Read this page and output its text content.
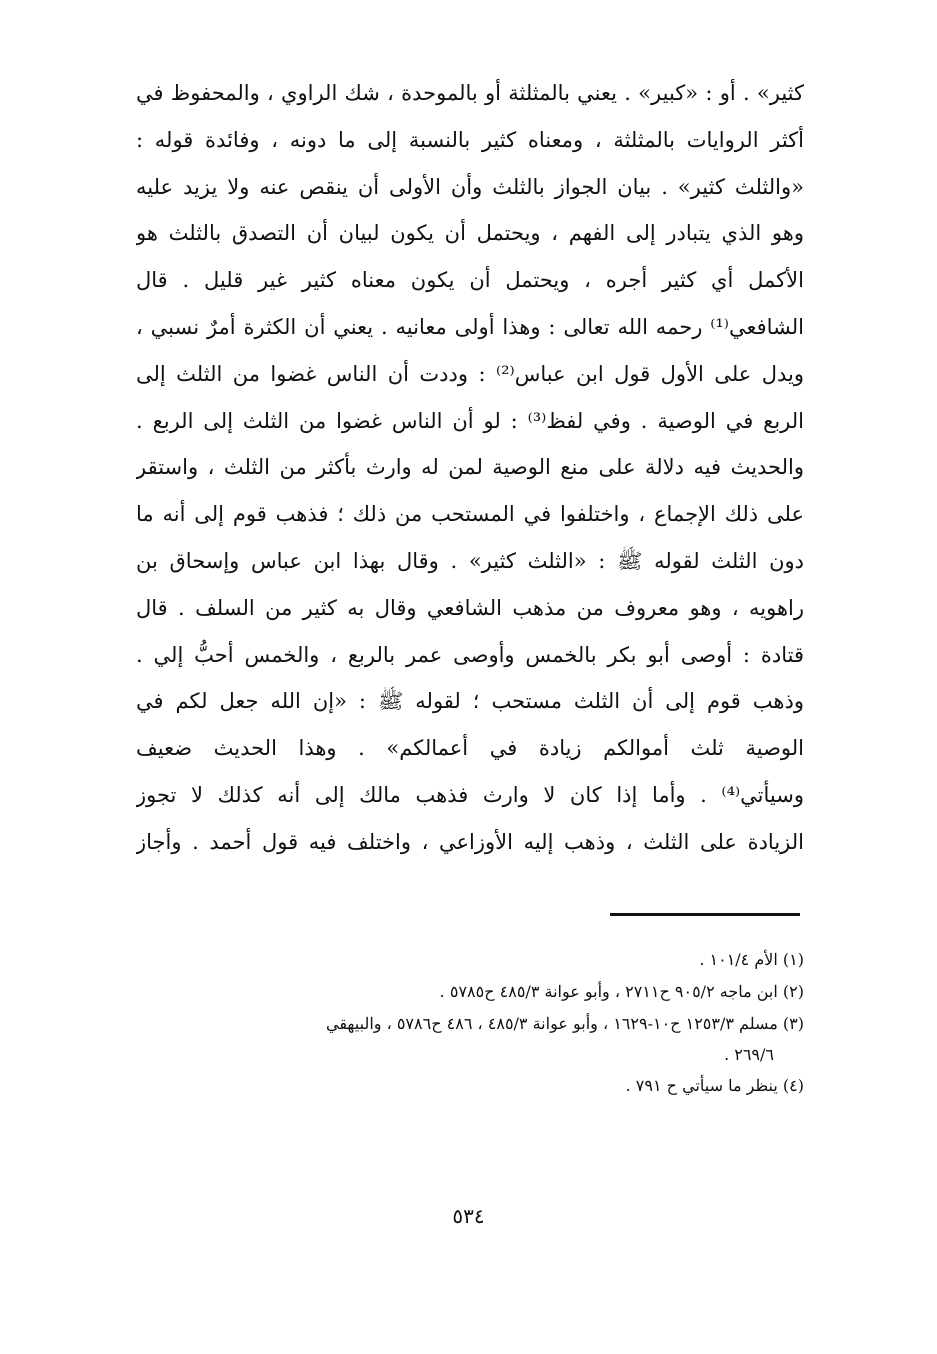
كثير» . أو : «كبير» . يعني بالمثلثة أو بالموحدة ، شك الراوي ، والمحفوظ في
أكثر الروايات بالمثلثة ، ومعناه كثير بالنسبة إلى ما دونه ، وفائدة قوله :
«والثلث كثير» . بيان الجواز بالثلث وأن الأولى أن ينقص عنه ولا يزيد عليه
وهو الذي يتبادر إلى الفهم ، ويحتمل أن يكون لبيان أن التصدق بالثلث هو
الأكمل أي كثير أجره ، ويحتمل أن يكون معناه كثير غير قليل . قال
الشافعي⁽¹⁾ رحمه الله تعالى : وهذا أولى معانيه . يعني أن الكثرة أمرٌ نسبي ،
ويدل على الأول قول ابن عباس⁽²⁾ : وددت أن الناس غضوا من الثلث إلى
الربع في الوصية . وفي لفظ⁽³⁾ : لو أن الناس غضوا من الثلث إلى الربع .
والحديث فيه دلالة على منع الوصية لمن له وارث بأكثر من الثلث ، واستقر
على ذلك الإجماع ، واختلفوا في المستحب من ذلك ؛ فذهب قوم إلى أنه ما
دون الثلث لقوله ﷺ : «الثلث كثير» . وقال بهذا ابن عباس وإسحاق بن
راهويه ، وهو معروف من مذهب الشافعي وقال به كثير من السلف . قال
قتادة : أوصى أبو بكر بالخمس وأوصى عمر بالربع ، والخمس أحبُّ إلي .
وذهب قوم إلى أن الثلث مستحب ؛ لقوله ﷺ : «إن الله جعل لكم في
الوصية ثلث أموالكم زيادة في أعمالكم» . وهذا الحديث ضعيف
وسيأتي⁽⁴⁾ . وأما إذا كان لا وارث فذهب مالك إلى أنه كذلك لا تجوز
الزيادة على الثلث ، وذهب إليه الأوزاعي ، واختلف فيه قول أحمد . وأجاز
(١) الأم ١٠١/٤ .
(٢) ابن ماجه ٩٠٥/٢ ح٢٧١١ ، وأبو عوانة ٤٨٥/٣ ح٥٧٨٥ .
(٣) مسلم ١٢٥٣/٣ ح١٠-١٦٢٩ ، وأبو عوانة ٤٨٥/٣ ، ٤٨٦ ح٥٧٨٦ ، والبيهقي
٢٦٩/٦ .
(٤) ينظر ما سيأتي ح ٧٩١ .
٥٣٤
